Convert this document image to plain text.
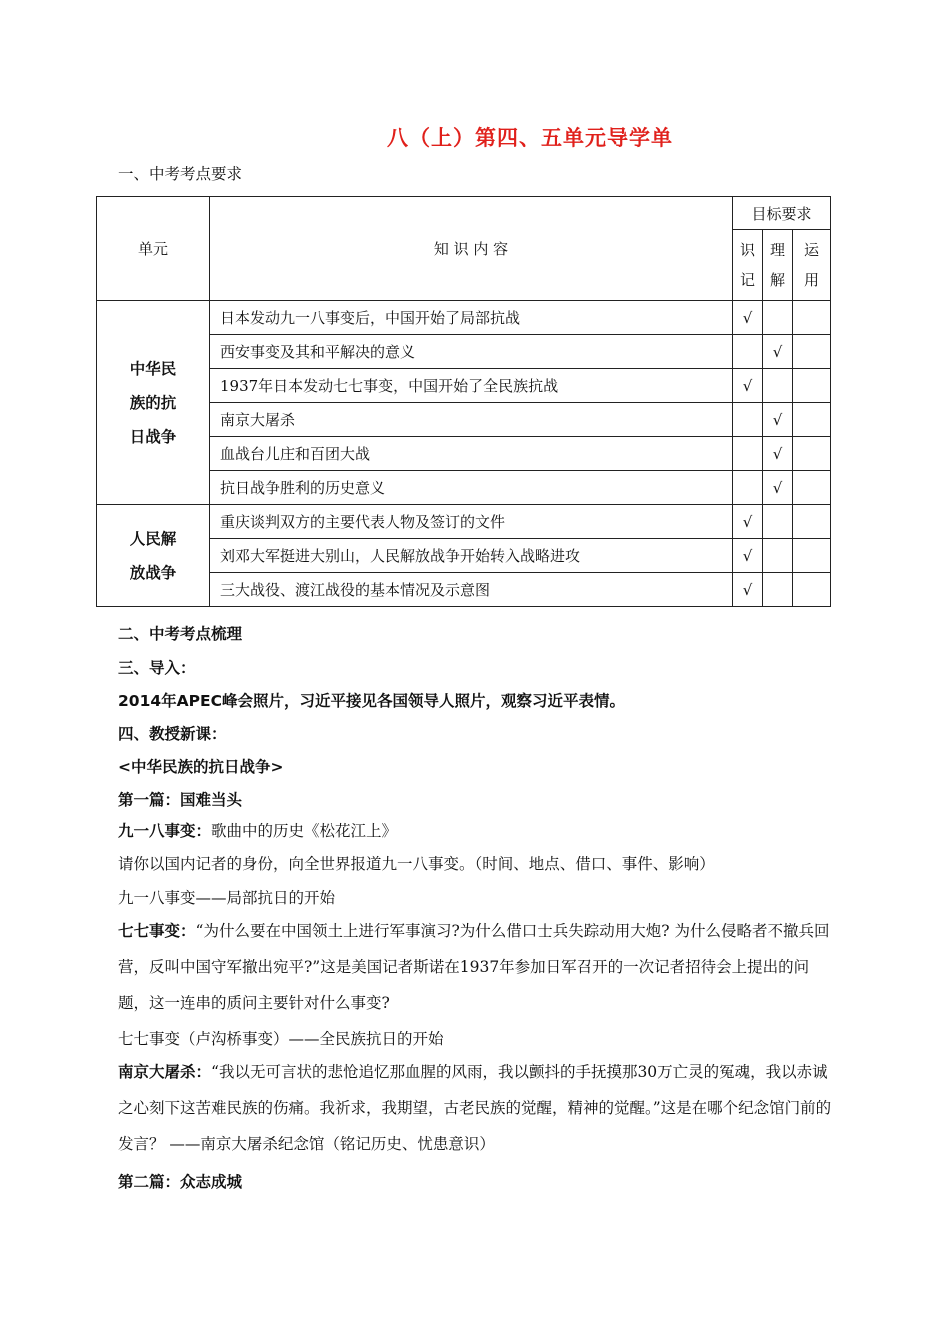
八（上）第四、五单元导学单
一、中考考点要求
单元	知 识 内 容	目标要求		

		识记	理解	运用

中华民族的抗日战争	日本发动九一八事变后，中国开始了局部抗战	√		
	西安事变及其和平解决的意义		√	
	1937年日本发动七七事变，中国开始了全民族抗战	√		
	南京大屠杀		√	
	血战台儿庄和百团大战		√	
	抗日战争胜利的历史意义		√	

人民解放战争	重庆谈判双方的主要代表人物及签订的文件	√		
	刘邓大军挺进大别山，人民解放战争开始转入战略进攻	√		
	三大战役、渡江战役的基本情况及示意图	√		
二、中考考点梳理
三、导入：
2014年APEC峰会照片，习近平接见各国领导人照片，观察习近平表情。
四、教授新课：
<中华民族的抗日战争>
第一篇：国难当头
九一八事变：歌曲中的历史《松花江上》
请你以国内记者的身份，向全世界报道九一八事变。（时间、地点、借口、事件、影响）
九一八事变——局部抗日的开始
七七事变：“为什么要在中国领土上进行军事演习?为什么借口士兵失踪动用大炮? 为什么侵略者不撤兵回营，反叫中国守军撤出宛平?”这是美国记者斯诺在1937年参加日军召开的一次记者招待会上提出的问题，这一连串的质问主要针对什么事变?
七七事变（卢沟桥事变）——全民族抗日的开始
南京大屠杀：“我以无可言状的悲怆追忆那血腥的风雨，我以颤抖的手抚摸那30万亡灵的冤魂，我以赤诚之心刻下这苦难民族的伤痛。我祈求，我期望，古老民族的觉醒，精神的觉醒。”这是在哪个纪念馆门前的发言？ ——南京大屠杀纪念馆（铭记历史、忧患意识）
第二篇：众志成城
